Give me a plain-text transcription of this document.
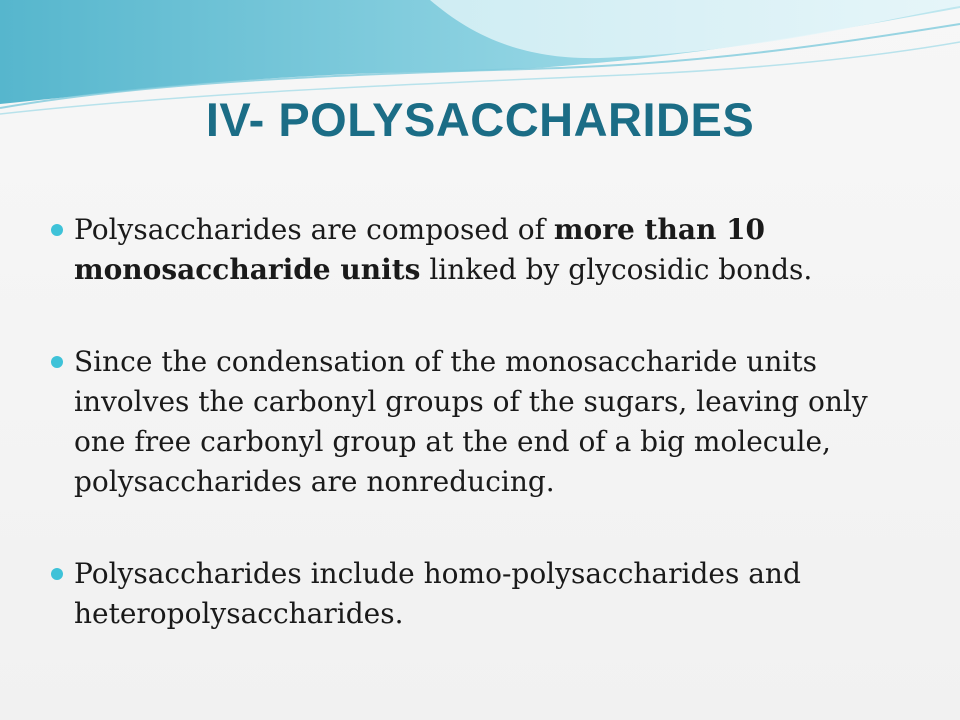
IV- POLYSACCHARIDES
Polysaccharides are composed of more than 10 monosaccharide units linked by glycosidic bonds.
Since the condensation of the monosaccharide units involves the carbonyl groups of the sugars, leaving only one free carbonyl group at the end of a big molecule, polysaccharides are nonreducing.
Polysaccharides include homo-polysaccharides and heteropolysaccharides.
